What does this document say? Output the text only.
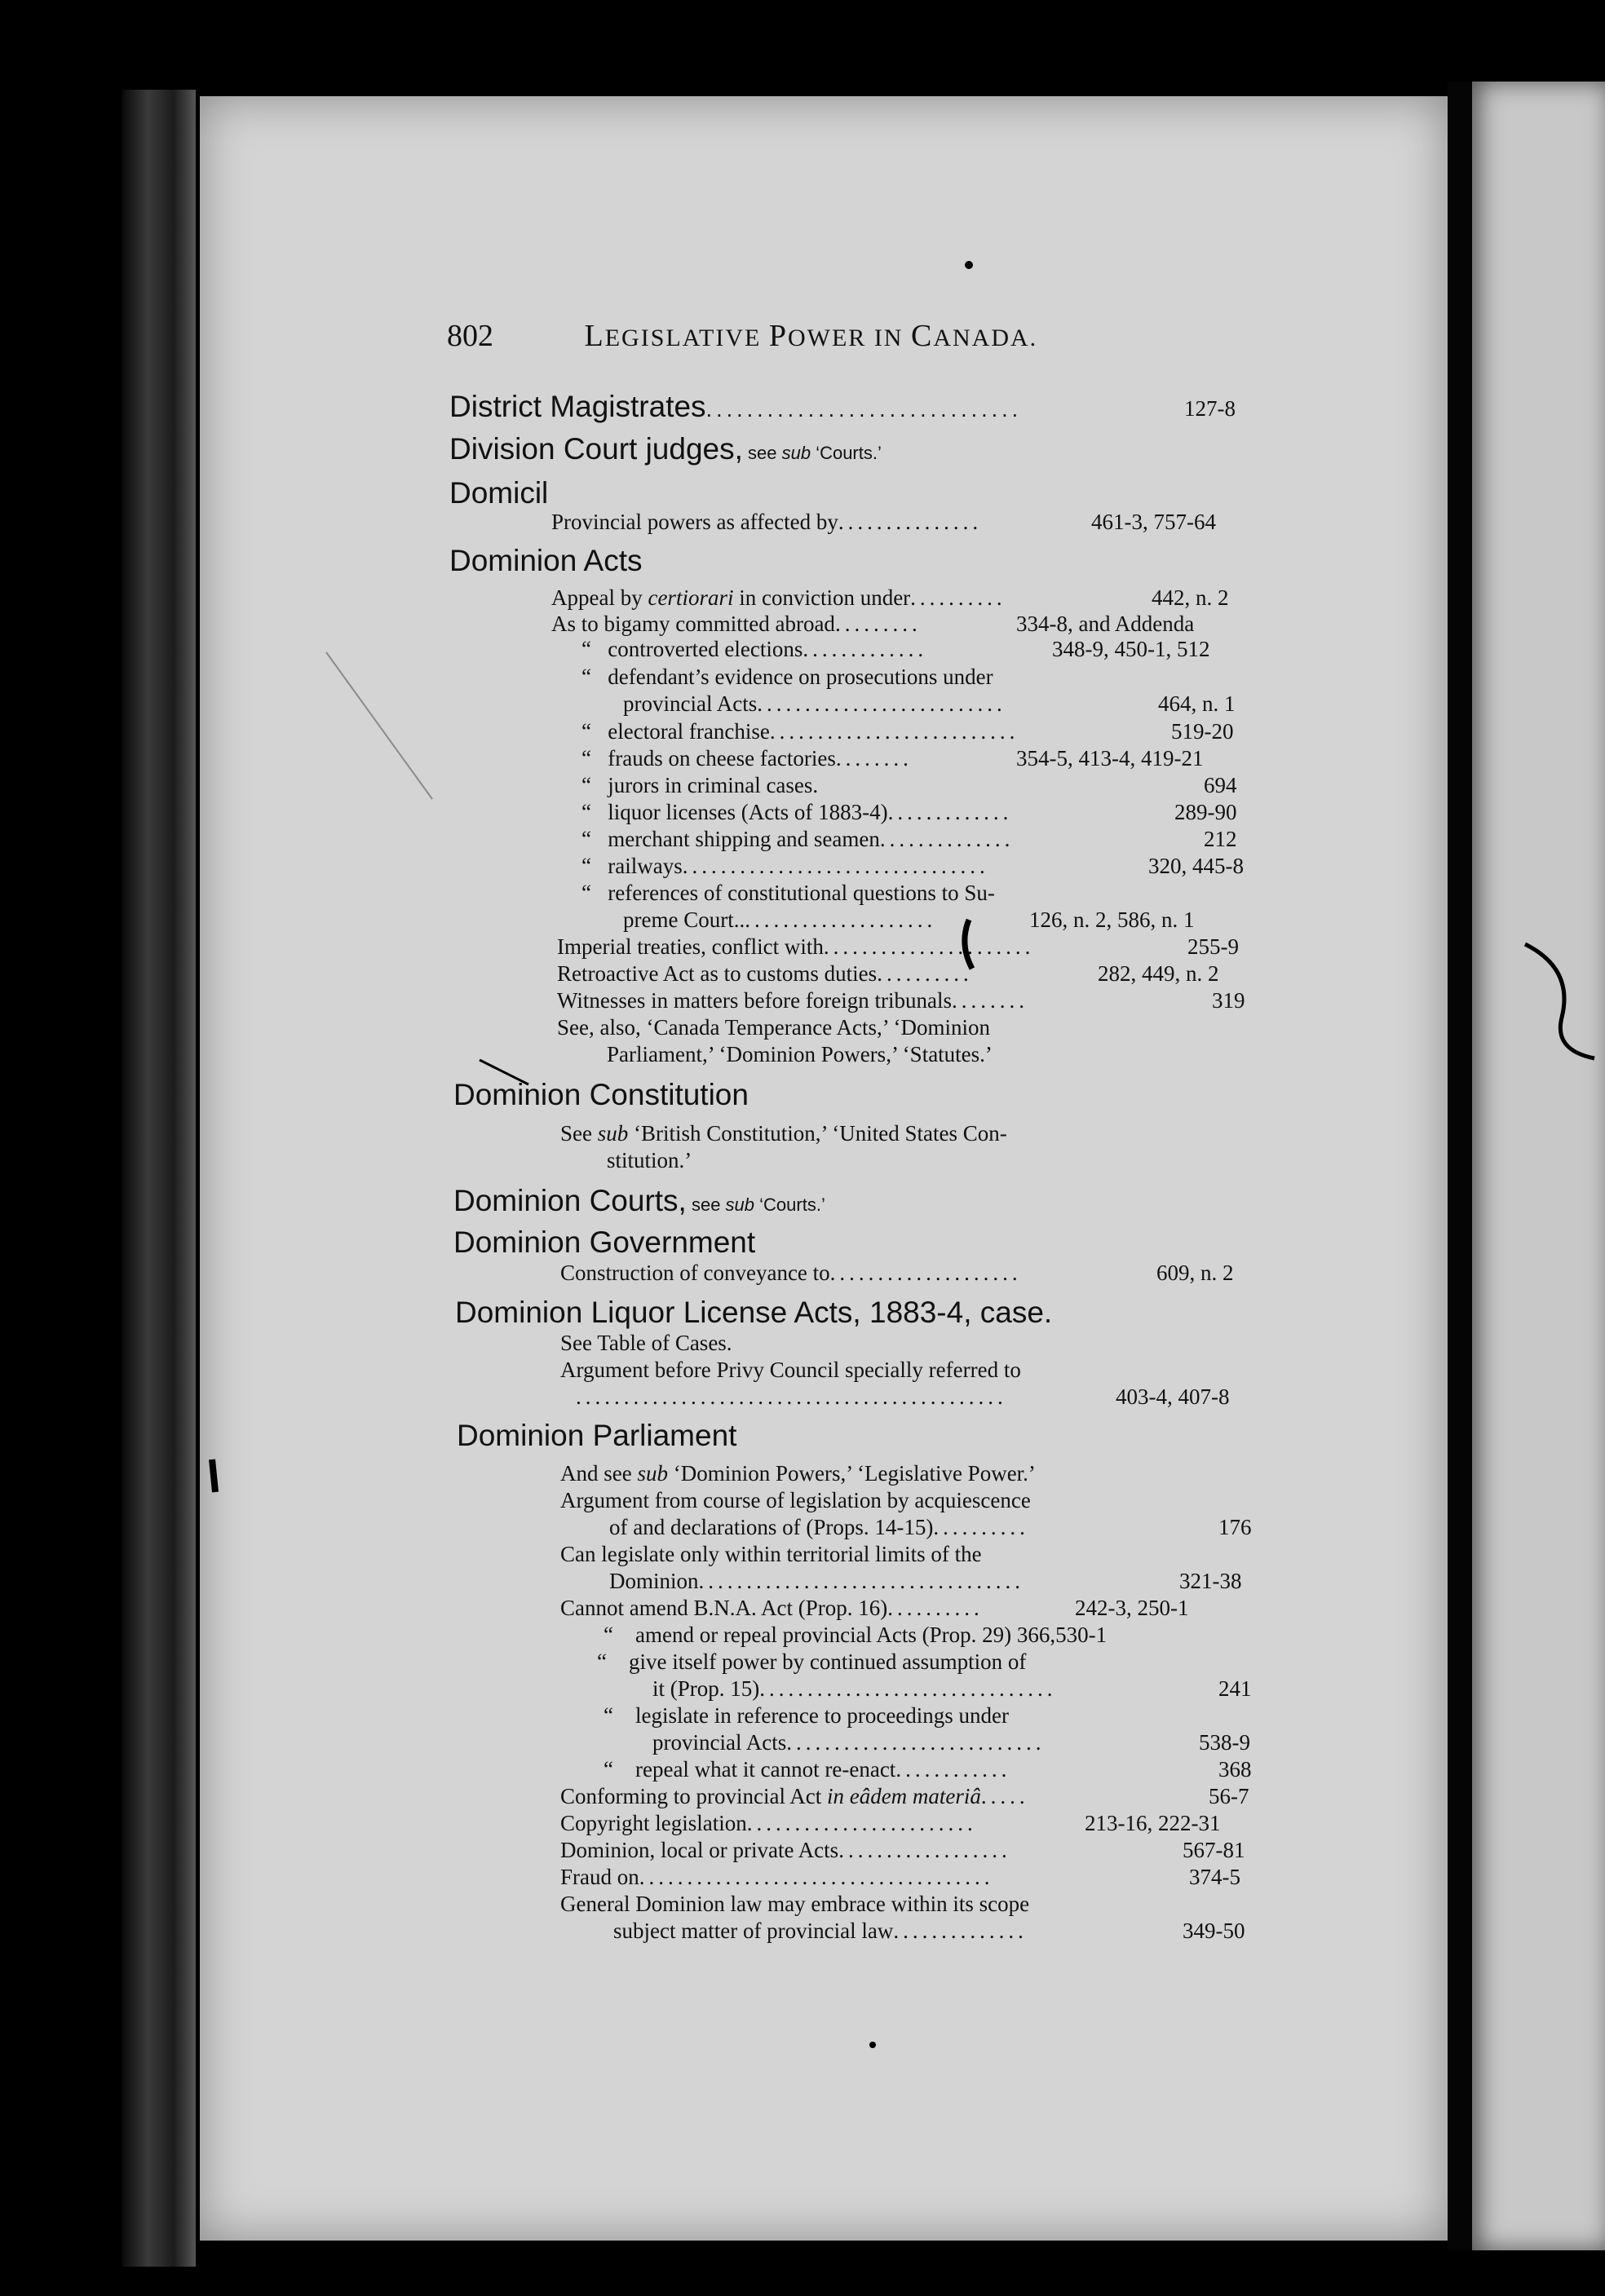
802	LEGISLATIVE POWER IN CANADA.
District Magistrates...............................	127-8
Division Court judges, see sub ‘Courts.’
Domicil
Provincial powers as affected by...............	461-3, 757-64
Dominion Acts
Appeal by certiorari in conviction under..........	442, n. 2
As to bigamy committed abroad.........	334-8, and Addenda
“ controverted elections.............	348-9, 450-1, 512
“ defendant’s evidence on prosecutions under
provincial Acts..........................	464, n. 1
“ electoral franchise..........................	519-20
“ frauds on cheese factories........	354-5, 413-4, 419-21
“ jurors in criminal cases.	694
“ liquor licenses (Acts of 1883-4).............	289-90
“ merchant shipping and seamen..............	212
“ railways................................	320, 445-8
“ references of constitutional questions to Su-
preme Court......................	126, n. 2, 586, n. 1
Imperial treaties, conflict with......................	255-9
Retroactive Act as to customs duties..........	282, 449, n. 2
Witnesses in matters before foreign tribunals........	319
See, also, ‘Canada Temperance Acts,’ ‘Dominion
Parliament,’ ‘Dominion Powers,’ ‘Statutes.’
Dominion Constitution
See sub ‘British Constitution,’ ‘United States Con-
stitution.’
Dominion Courts, see sub ‘Courts.’
Dominion Government
Construction of conveyance to....................	609, n. 2
Dominion Liquor License Acts, 1883-4, case.
See Table of Cases.
Argument before Privy Council specially referred to
.............................................	403-4, 407-8
Dominion Parliament
And see sub ‘Dominion Powers,’ ‘Legislative Power.’
Argument from course of legislation by acquiescence
of and declarations of (Props. 14-15)..........	176
Can legislate only within territorial limits of the
Dominion..................................	321-38
Cannot amend B.N.A. Act (Prop. 16)..........	242-3, 250-1
“ amend or repeal provincial Acts (Prop. 29) 366,530-1
“ give itself power by continued assumption of
it (Prop. 15)...............................	241
“ legislate in reference to proceedings under
provincial Acts...........................	538-9
“ repeal what it cannot re-enact............	368
Conforming to provincial Act in eâdem materiâ.....	56-7
Copyright legislation........................	213-16, 222-31
Dominion, local or private Acts..................	567-81
Fraud on.....................................	374-5
General Dominion law may embrace within its scope
subject matter of provincial law..............	349-50
